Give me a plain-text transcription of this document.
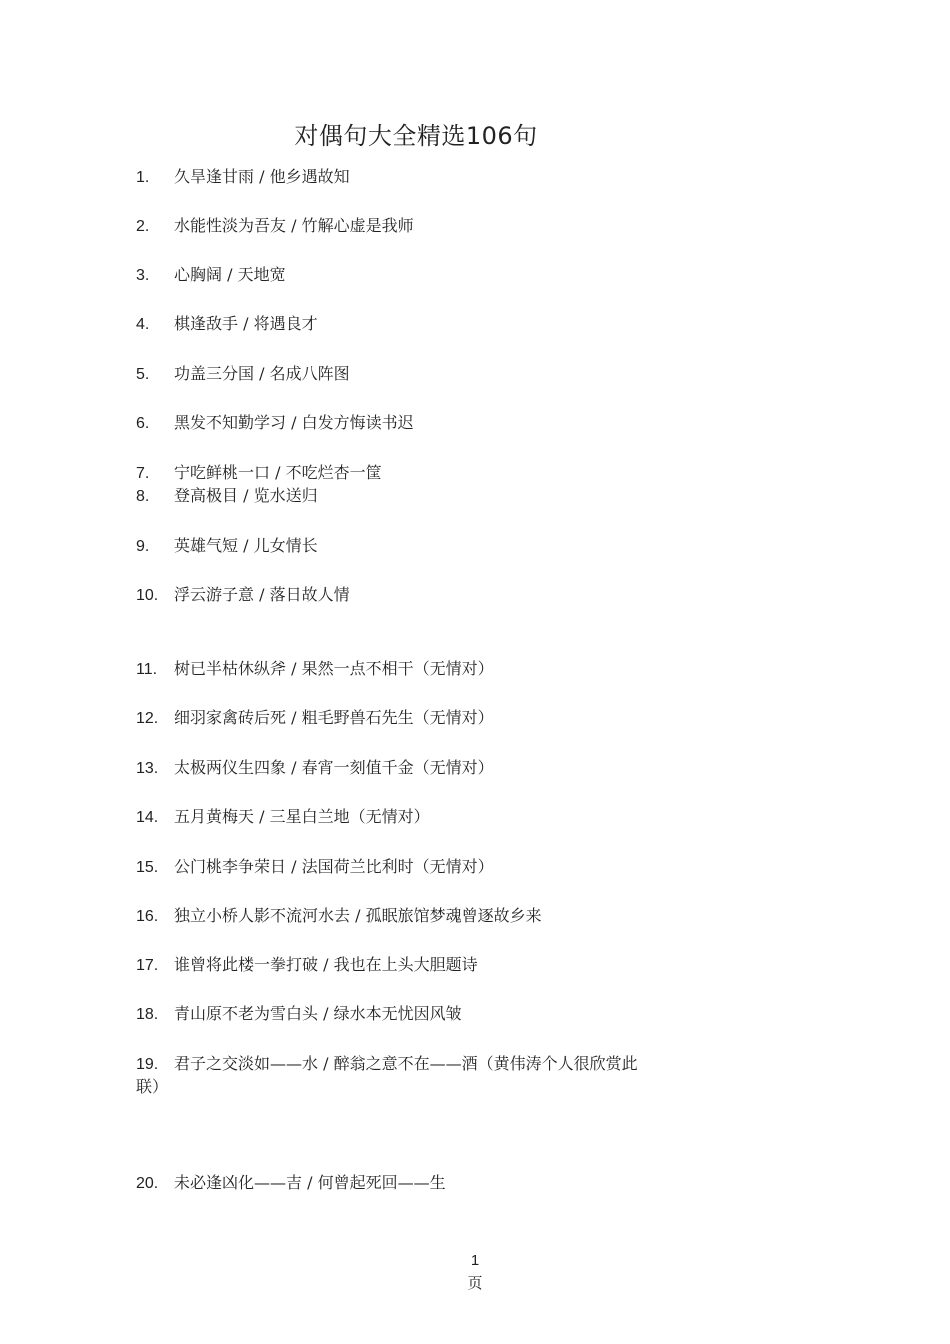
对偶句大全精选106句
1. 久旱逢甘雨 / 他乡遇故知
2. 水能性淡为吾友 / 竹解心虚是我师
3. 心胸阔 / 天地宽
4. 棋逢敌手 / 将遇良才
5. 功盖三分国 / 名成八阵图
6. 黑发不知勤学习 / 白发方悔读书迟
7. 宁吃鲜桃一口 / 不吃烂杏一筐
8. 登高极目 / 览水送归
9. 英雄气短 / 儿女情长
10. 浮云游子意 / 落日故人情
11. 树已半枯休纵斧 / 果然一点不相干（无情对）
12. 细羽家禽砖后死 / 粗毛野兽石先生（无情对）
13. 太极两仪生四象 / 春宵一刻值千金（无情对）
14. 五月黄梅天 / 三星白兰地（无情对）
15. 公门桃李争荣日 / 法国荷兰比利时（无情对）
16. 独立小桥人影不流河水去 / 孤眠旅馆梦魂曾逐故乡来
17. 谁曾将此楼一拳打破 / 我也在上头大胆题诗
18. 青山原不老为雪白头 / 绿水本无忧因风皱
19. 君子之交淡如——水 / 醉翁之意不在——酒（黄伟涛个人很欣赏此
联）
20. 未必逢凶化——吉 / 何曾起死回——生
1
页
